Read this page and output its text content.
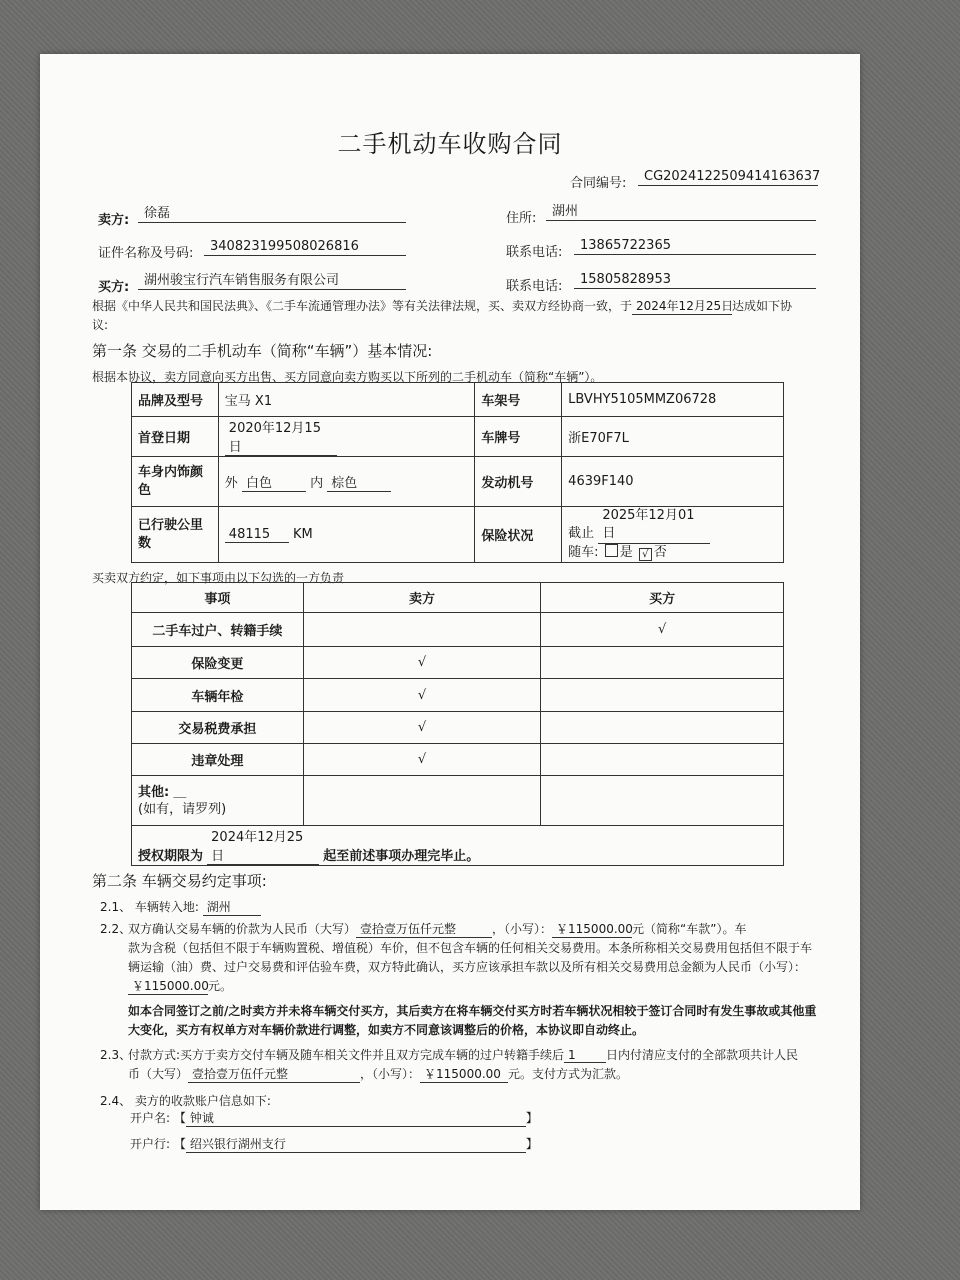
二手机动车收购合同
合同编号:	CG2024122509414163637
卖方:	徐磊	住所:	湖州
证件名称及号码:	340823199508026816	联系电话:	13865722365
买方:	湖州骏宝行汽车销售服务有限公司	联系电话:	15805828953
根据《中华人民共和国民法典》、《二手车流通管理办法》等有关法律法规，买、卖双方经协商一致，于 2024年12月25日达成如下协
议:
第一条 交易的二手机动车（简称“车辆”）基本情况:
根据本协议，卖方同意向买方出售、买方同意向卖方购买以下所列的二手机动车（简称“车辆”）。
品牌及型号	宝马 X1	车架号	LBVHY5105MMZ06728
首登日期	2020年12月15日	车牌号	浙E70F7L
车身内饰颜色	外 白色 内 棕色	发动机号	4639F140
已行驶公里数	48115 KM	保险状况	截止 2025年12月01日
随车: 是 √ 否
买卖双方约定，如下事项由以下勾选的一方负责
事项	卖方	买方
二手车过户、转籍手续		√
保险变更	√	
车辆年检	√	
交易税费承担	√	
违章处理	√	

其他: ＿
(如有，请罗列)		

授权期限为 2024年12月25日 起至前述事项办理完毕止。		
第二条 车辆交易约定事项:
2.1、 车辆转入地: 湖州
2.2、
双方确认交易车辆的价款为人民币（大写） 壹拾壹万伍仟元整	，（小写）： ￥115000.00元（简称“车款”）。车
款为含税（包括但不限于车辆购置税、增值税）车价，但不包含车辆的任何相关交易费用。本条所称相关交易费用包括但不限于车
辆运输（油）费、过户交易费和评估验车费，双方特此确认，买方应该承担车款以及所有相关交易费用总金额为人民币（小写）：
￥115000.00元。
如本合同签订之前/之时卖方并未将车辆交付买方，其后卖方在将车辆交付买方时若车辆状况相较于签订合同时有发生事故或其他重
大变化，买方有权单方对车辆价款进行调整，如卖方不同意该调整后的价格，本协议即自动终止。
2.3、
付款方式:买方于卖方交付车辆及随车相关文件并且双方完成车辆的过户转籍手续后 1	日内付清应支付的全部款项共计人民
币（大写） 壹拾壹万伍仟元整	，（小写）： ￥115000.00 元。支付方式为汇款。
2.4、 卖方的收款账户信息如下:
开户名: 【 钟诚	】
开户行: 【 绍兴银行湖州支行	】
